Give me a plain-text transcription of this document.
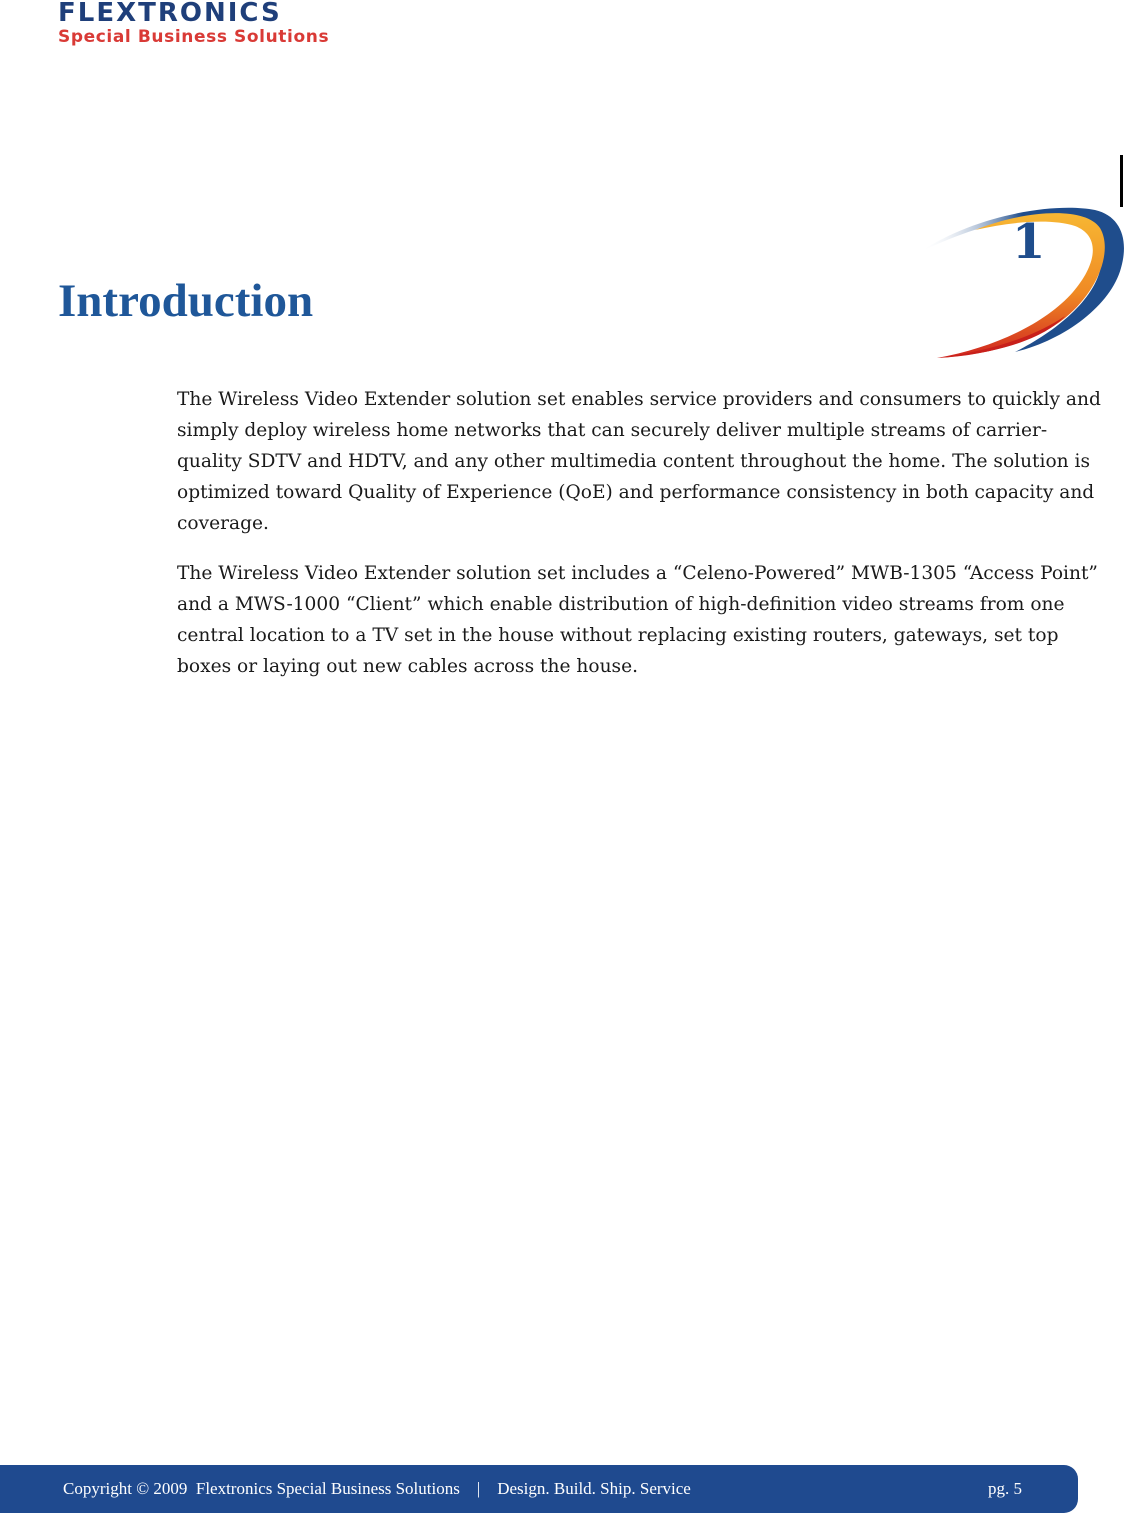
FLEXTRONICS
Special Business Solutions
1
Introduction

The Wireless Video Extender solution set enables service providers and consumers to quickly and simply deploy wireless home networks that can securely deliver multiple streams of carrier-quality SDTV and HDTV, and any other multimedia content throughout the home. The solution is optimized toward Quality of Experience (QoE) and performance consistency in both capacity and coverage.

The Wireless Video Extender solution set includes a “Celeno-Powered” MWB-1305 “Access Point” and a MWS-1000 “Client” which enable distribution of high-definition video streams from one central location to a TV set in the house without replacing existing routers, gateways, set top boxes or laying out new cables across the house.

Copyright © 2009  Flextronics Special Business Solutions    |    Design. Build. Ship. Service	pg. 5
